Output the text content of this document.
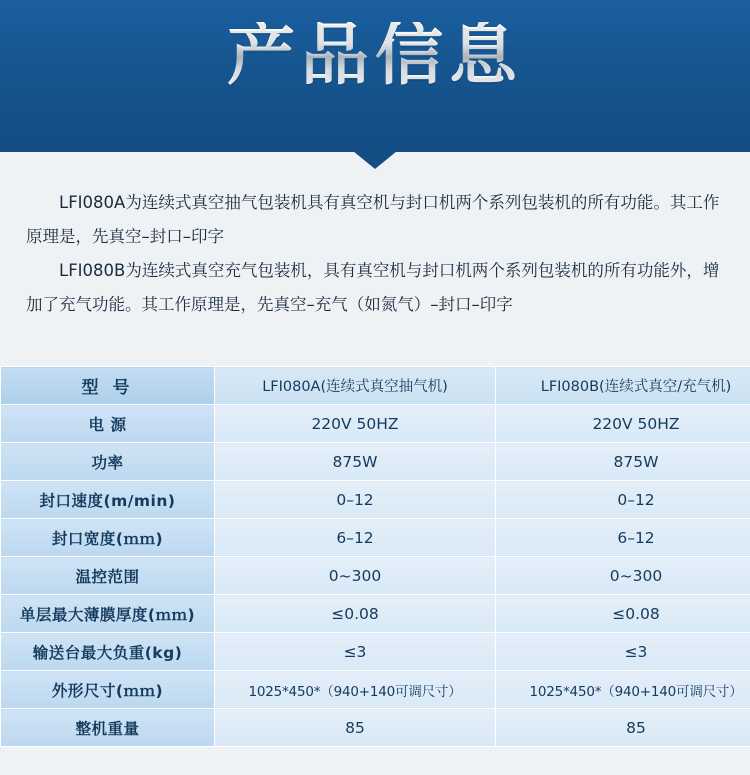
产品信息

LFI080A为连续式真空抽气包装机具有真空机与封口机两个系列包装机的所有功能。其工作原理是，先真空–封口–印字

LFI080B为连续式真空充气包装机，具有真空机与封口机两个系列包装机的所有功能外，增加了充气功能。其工作原理是，先真空–充气（如氮气）–封口–印字

型 号	LFI080A(连续式真空抽气机)	LFI080B(连续式真空/充气机)
电 源	220V 50HZ	220V 50HZ
功率	875W	875W
封口速度(m/min)	0–12	0–12
封口宽度(ｍｍ)	6–12	6–12
温控范围	0~300	0~300
单层最大薄膜厚度(ｍｍ)	≤0.08	≤0.08
输送台最大负重(kg)	≤3	≤3
外形尺寸(ｍｍ)	1025*450*（940+140可调尺寸）	1025*450*（940+140可调尺寸）
整机重量	85	85
